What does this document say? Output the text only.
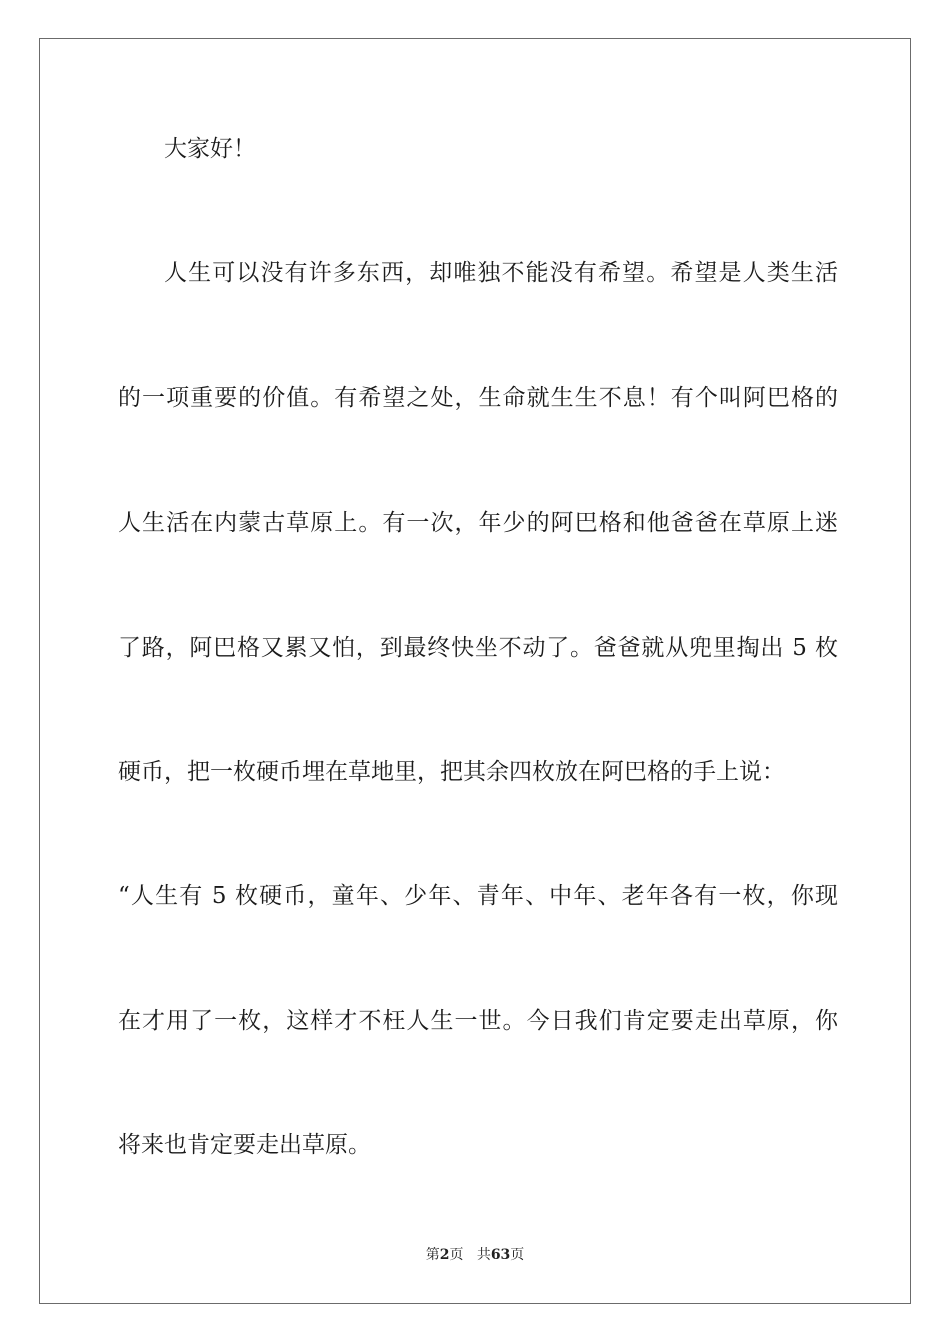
大家好！

人生可以没有许多东西，却唯独不能没有希望。希望是人类生活

的一项重要的价值。有希望之处，生命就生生不息！有个叫阿巴格的

人生活在内蒙古草原上。有一次，年少的阿巴格和他爸爸在草原上迷

了路，阿巴格又累又怕，到最终快坐不动了。爸爸就从兜里掏出 5 枚

硬币，把一枚硬币埋在草地里，把其余四枚放在阿巴格的手上说：

“人生有 5 枚硬币，童年、少年、青年、中年、老年各有一枚，你现

在才用了一枚，这样才不枉人生一世。今日我们肯定要走出草原，你

将来也肯定要走出草原。

第2页 共63页
